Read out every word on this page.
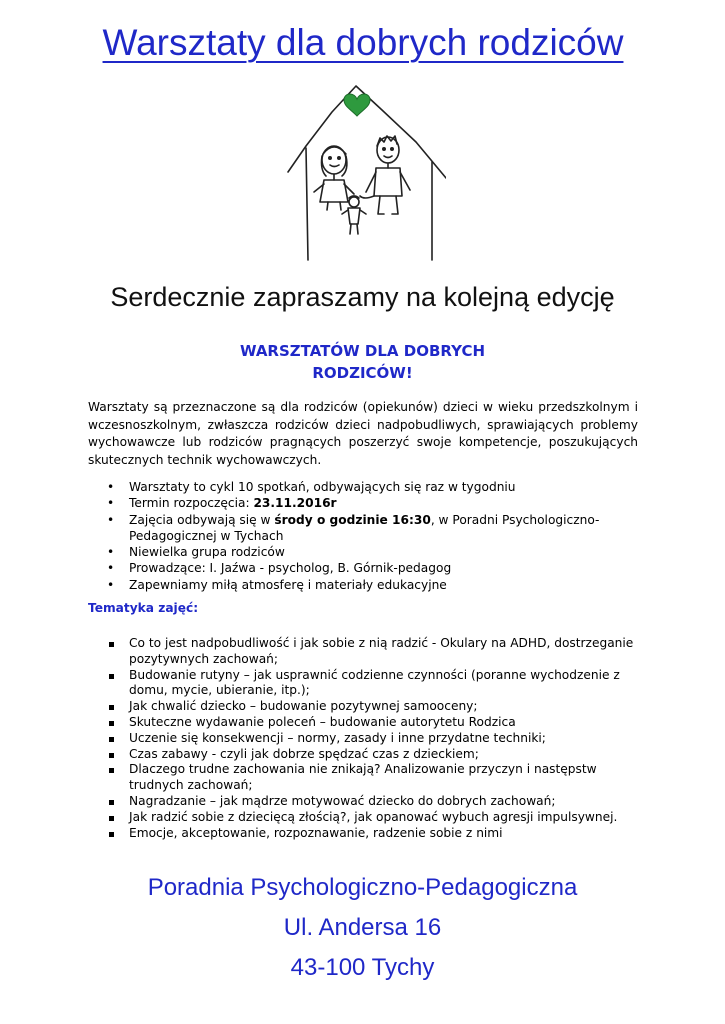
Warsztaty dla dobrych rodziców
Serdecznie zapraszamy na kolejną edycję
WARSZTATÓW DLA DOBRYCH
RODZICÓW!
Warsztaty są przeznaczone są dla rodziców (opiekunów) dzieci w wieku przedszkolnym i wczesnoszkolnym, zwłaszcza rodziców dzieci nadpobudliwych, sprawiających problemy wychowawcze lub rodziców pragnących poszerzyć swoje kompetencje, poszukujących skutecznych technik wychowawczych.
• Warsztaty to cykl 10 spotkań, odbywających się raz w tygodniu
• Termin rozpoczęcia: 23.11.2016r
• Zajęcia odbywają się w środy o godzinie 16:30, w Poradni Psychologiczno-Pedagogicznej w Tychach
• Niewielka grupa rodziców
• Prowadzące: I. Jaźwa - psycholog, B. Górnik-pedagog
• Zapewniamy miłą atmosferę i materiały edukacyjne
Tematyka zajęć:
Co to jest nadpobudliwość i jak sobie z nią radzić - Okulary na ADHD, dostrzeganie pozytywnych zachowań;
Budowanie rutyny – jak usprawnić codzienne czynności (poranne wychodzenie z domu, mycie, ubieranie, itp.);
Jak chwalić dziecko – budowanie pozytywnej samooceny;
Skuteczne wydawanie poleceń – budowanie autorytetu Rodzica
Uczenie się konsekwencji – normy, zasady i inne przydatne techniki;
Czas zabawy - czyli jak dobrze spędzać czas z dzieckiem;
Dlaczego trudne zachowania nie znikają? Analizowanie przyczyn i następstw trudnych zachowań;
Nagradzanie – jak mądrze motywować dziecko do dobrych zachowań;
Jak radzić sobie z dziecięcą złością?, jak opanować wybuch agresji impulsywnej.
Emocje, akceptowanie, rozpoznawanie, radzenie sobie z nimi
Poradnia Psychologiczno-Pedagogiczna
Ul. Andersa 16
43-100 Tychy
